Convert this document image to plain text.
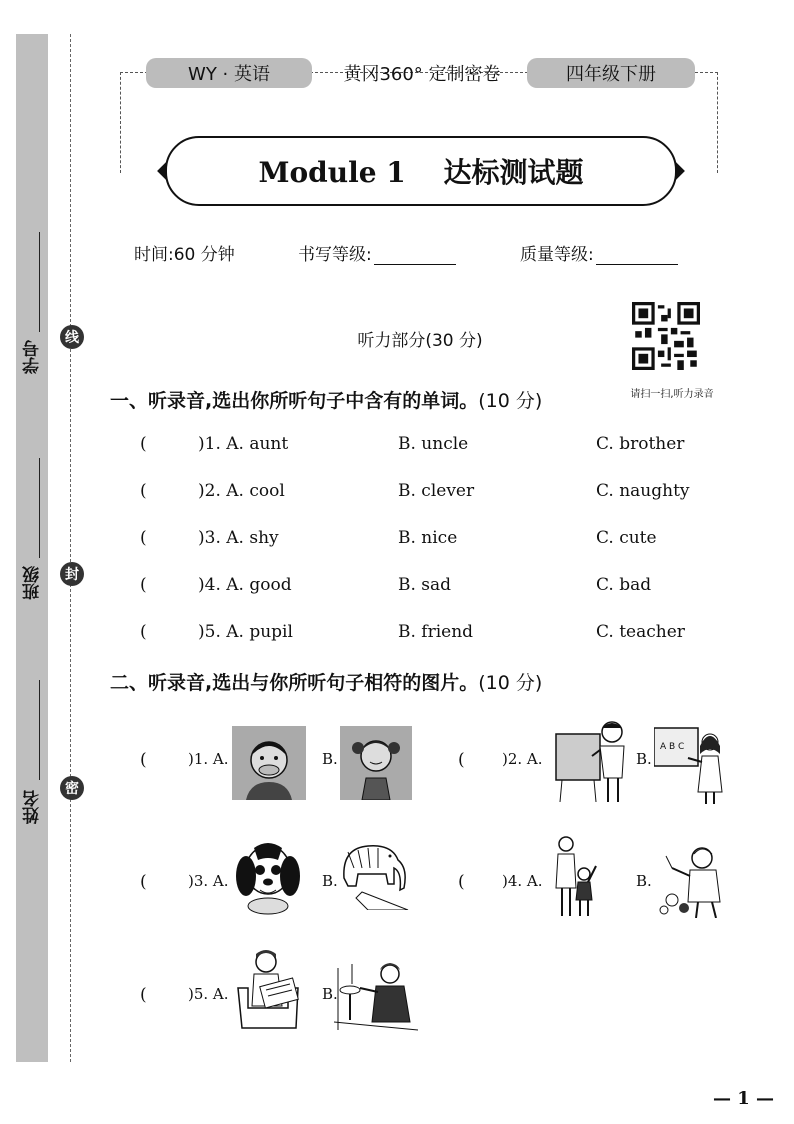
学号
班级
姓名
线
封
密
WY · 英语	黄冈360° 定制密卷	四年级下册
Module 1　 达标测试题
时间:60 分钟	书写等级:	质量等级:
听力部分(30 分)
请扫一扫,听力录音
一、听录音,选出你所听句子中含有的单词。(10 分)
(	)1. A. aunt	B. uncle	C. brother
(	)2. A. cool	B. clever	C. naughty
(	)3. A. shy	B. nice	C. cute
(	)4. A. good	B. sad	C. bad
(	)5. A. pupil	B. friend	C. teacher
二、听录音,选出与你所听句子相符的图片。(10 分)
(	)1. A.	B.	( )2. A.	B.
A B C
(	)3. A.	B.	( )4. A.	B.
(	)5. A.	B.
— 1 —
